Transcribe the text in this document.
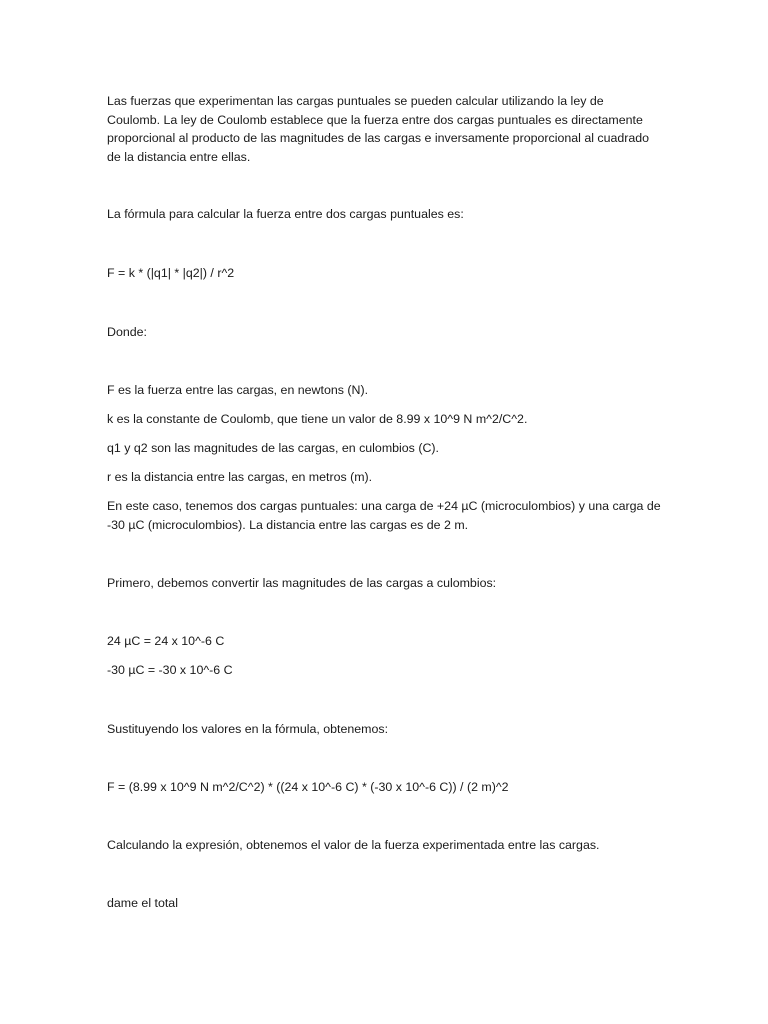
Las fuerzas que experimentan las cargas puntuales se pueden calcular utilizando la ley de
Coulomb. La ley de Coulomb establece que la fuerza entre dos cargas puntuales es directamente
proporcional al producto de las magnitudes de las cargas e inversamente proporcional al cuadrado
de la distancia entre ellas.

La fórmula para calcular la fuerza entre dos cargas puntuales es:

F = k * (|q1| * |q2|) / r^2

Donde:

F es la fuerza entre las cargas, en newtons (N).

k es la constante de Coulomb, que tiene un valor de 8.99 x 10^9 N m^2/C^2.

q1 y q2 son las magnitudes de las cargas, en culombios (C).

r es la distancia entre las cargas, en metros (m).

En este caso, tenemos dos cargas puntuales: una carga de +24 µC (microculombios) y una carga de
-30 µC (microculombios). La distancia entre las cargas es de 2 m.

Primero, debemos convertir las magnitudes de las cargas a culombios:

24 µC = 24 x 10^-6 C

-30 µC = -30 x 10^-6 C

Sustituyendo los valores en la fórmula, obtenemos:

F = (8.99 x 10^9 N m^2/C^2) * ((24 x 10^-6 C) * (-30 x 10^-6 C)) / (2 m)^2

Calculando la expresión, obtenemos el valor de la fuerza experimentada entre las cargas.

dame el total
